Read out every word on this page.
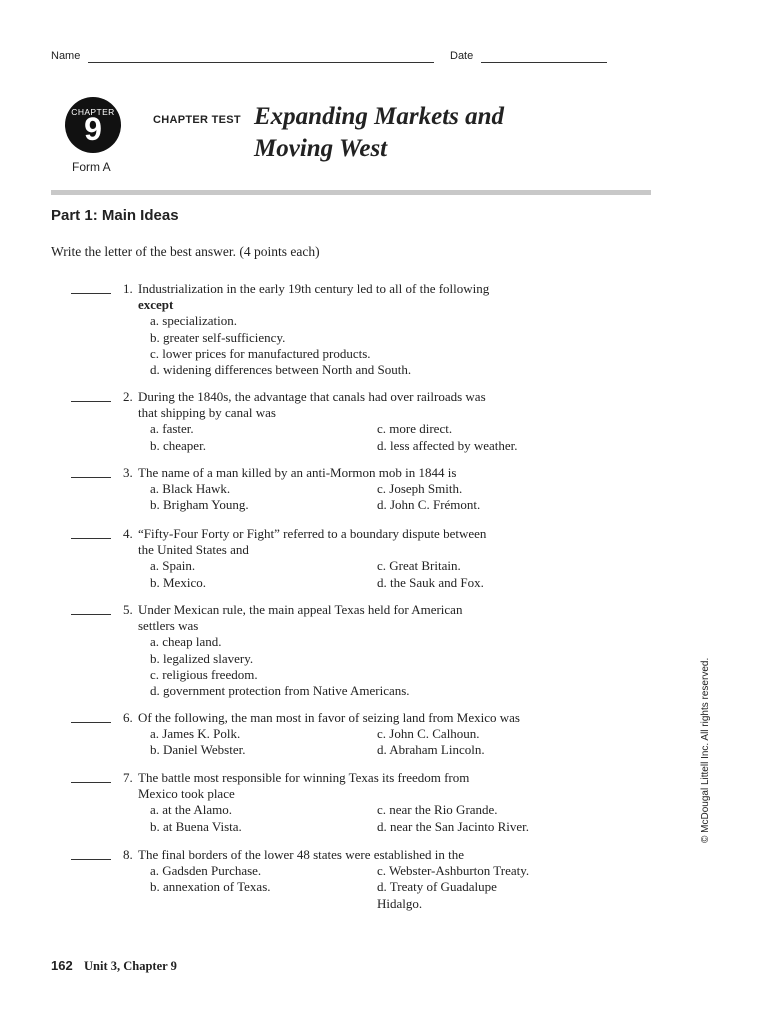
Name	Date
CHAPTER
9
Form A
CHAPTER TEST Expanding Markets and
Moving West
Part 1: Main Ideas
Write the letter of the best answer. (4 points each)
1. Industrialization in the early 19th century led to all of the following
except
a. specialization.
b. greater self-sufficiency.
c. lower prices for manufactured products.
d. widening differences between North and South.
2. During the 1840s, the advantage that canals had over railroads was
that shipping by canal was
a. faster.	c. more direct.
b. cheaper.	d. less affected by weather.
3. The name of a man killed by an anti-Mormon mob in 1844 is
a. Black Hawk.	c. Joseph Smith.
b. Brigham Young.	d. John C. Frémont.
4. “Fifty-Four Forty or Fight” referred to a boundary dispute between
the United States and
a. Spain.	c. Great Britain.
b. Mexico.	d. the Sauk and Fox.
5. Under Mexican rule, the main appeal Texas held for American
settlers was
a. cheap land.
b. legalized slavery.
c. religious freedom.
d. government protection from Native Americans.
6. Of the following, the man most in favor of seizing land from Mexico was
a. James K. Polk.	c. John C. Calhoun.
b. Daniel Webster.	d. Abraham Lincoln.
7. The battle most responsible for winning Texas its freedom from
Mexico took place
a. at the Alamo.	c. near the Rio Grande.
b. at Buena Vista.	d. near the San Jacinto River.
8. The final borders of the lower 48 states were established in the
a. Gadsden Purchase.	c. Webster-Ashburton Treaty.
b. annexation of Texas.	d. Treaty of Guadalupe Hidalgo.
© McDougal Littell Inc. All rights reserved.
162 Unit 3, Chapter 9
